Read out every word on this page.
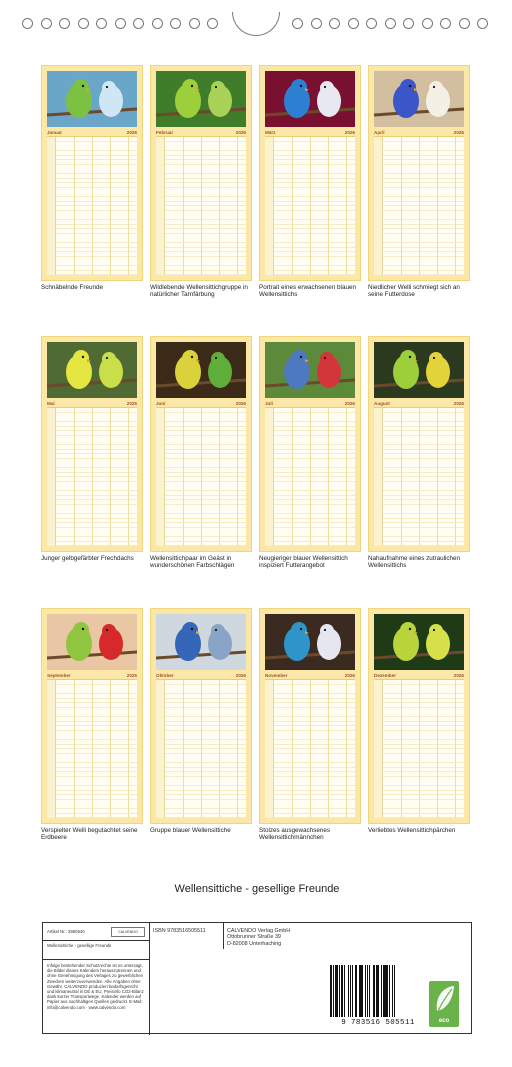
Wellensittiche - gesellige Freunde
Artikel Nr.: 2960640	CALVENDO
Wellensittiche - gesellige Freunde
Infolge bestehender Schutzrechte ist es untersagt, die Bilder dieses Kalenders herauszutrennen und ohne Genehmigung des Verlages zu gewerblichen Zwecken weiterzuverwenden. Alle Angaben ohne Gewähr. CALVENDO produziert bedarfsgerecht und klimaneutral in DE & EU. Preisinfo CO2-Bilanz dank kurzer Transportwege. Kalender werden auf Papier aus nachhaltigen Quellen gedruckt. E-Mail: info@calvendo.com · www.calvendo.com
ISBN 9783516505511	CALVENDO Verlag GmbH
Ottobrunner Straße 39
D-82008 Unterhaching
9 783516 505511	eco
Januar	2026
Schnäbelnde Freunde
Februar	2026
Wildlebende Wellensittichgruppe in natürlicher Tarnfärbung
März	2026
Portrait eines erwachsenen blauen Wellensittichs
April	2026
Niedlicher Welli schmiegt sich an seine Futterdose
Mai	2026
Junger gelbgefärbter Frechdachs
Juni	2026
Wellensittichpaar im Geäst in wunderschönen Farbschlägen
Juli	2026
Neugieriger blauer Wellensittich inspiziert Futterangebot
August	2026
Nahaufnahme eines zutraulichen Wellensittichs
September	2026
Verspielter Welli begutachtet seine Erdbeere
Oktober	2026
Gruppe blauer Wellensittiche
November	2026
Stolzes ausgewachsenes Wellensittichmännchen
Dezember	2026
Verliebtes Wellensittichpärchen
